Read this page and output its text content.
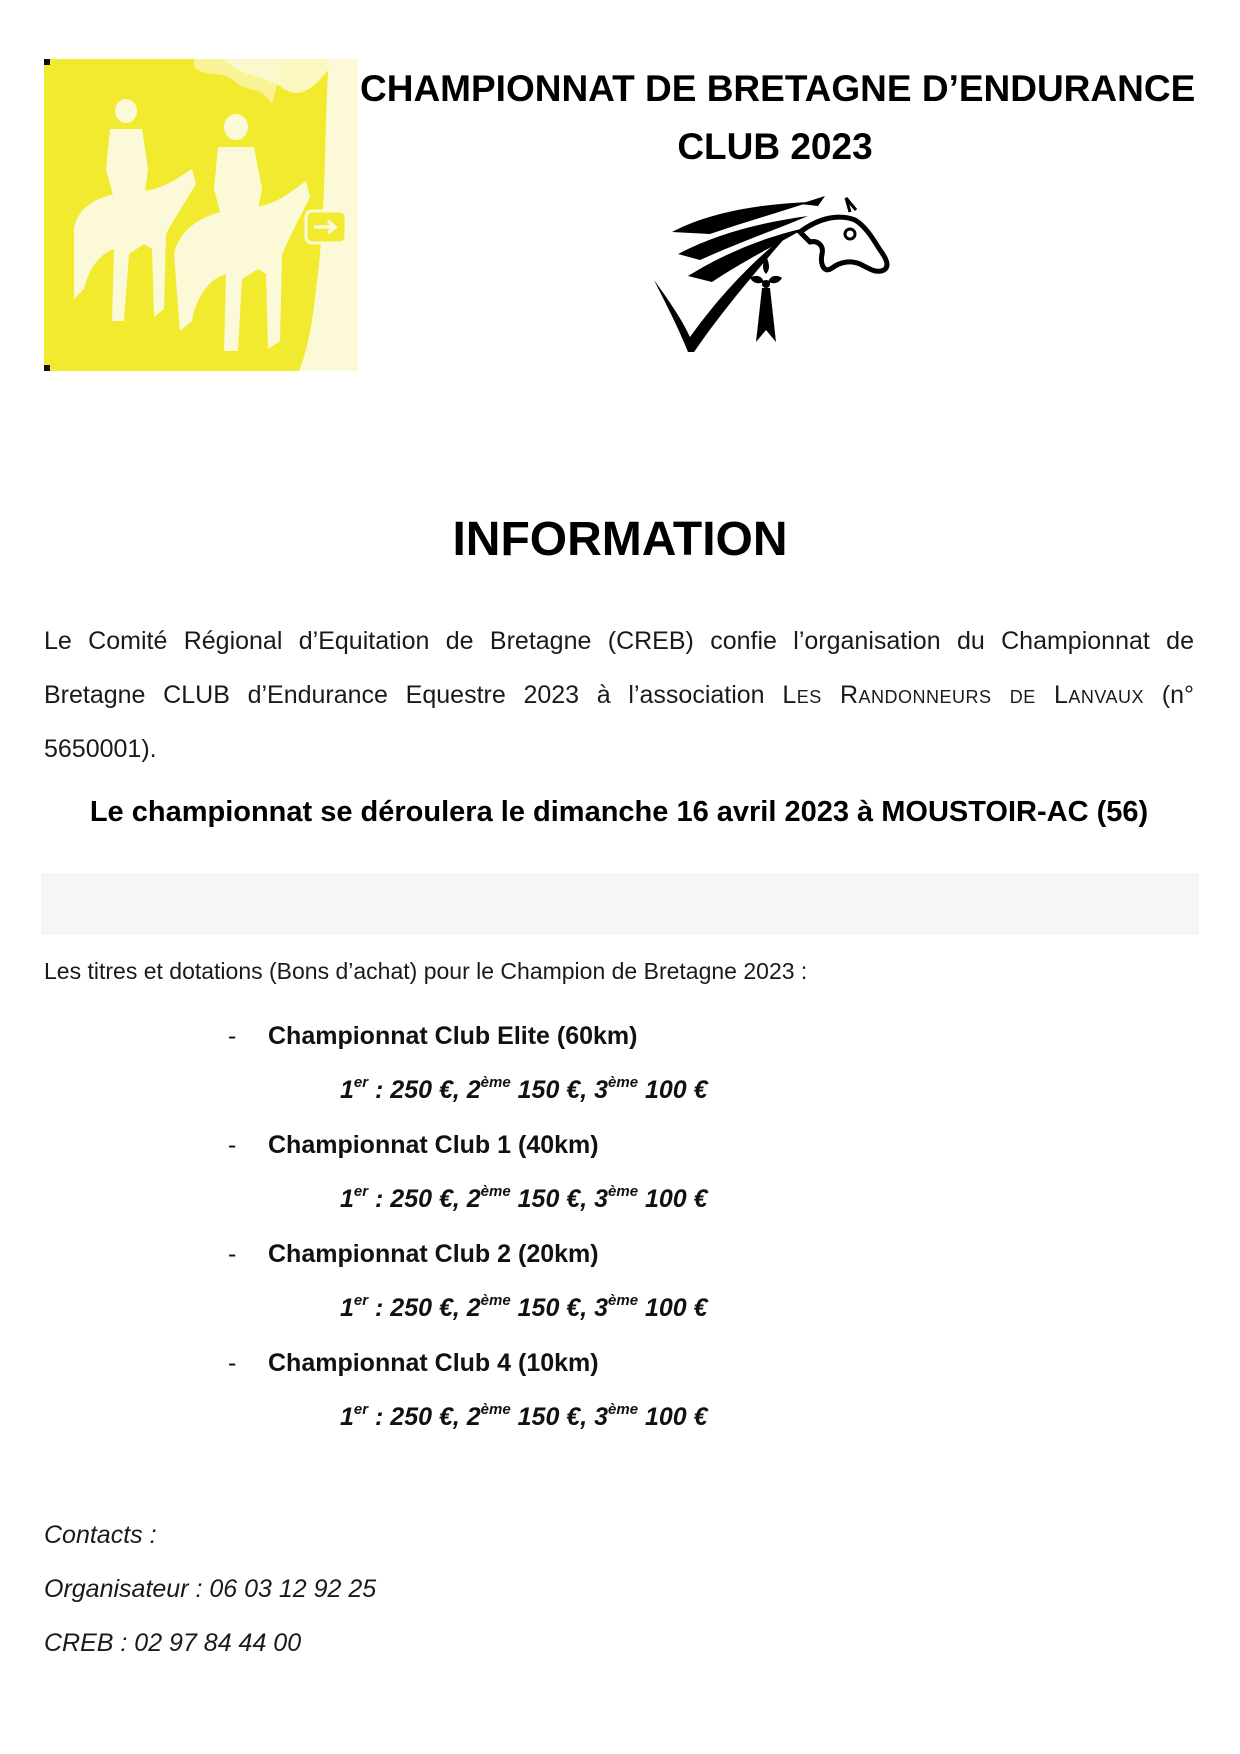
CHAMPIONNAT DE BRETAGNE D’ENDURANCE
CLUB 2023
INFORMATION
Le Comité Régional d’Equitation de Bretagne (CREB) confie l’organisation du Championnat de Bretagne CLUB d’Endurance Equestre 2023 à l’association Les Randonneurs de Lanvaux (n° 5650001).
Le championnat se déroulera le dimanche 16 avril 2023 à MOUSTOIR-AC (56)
Les titres et dotations (Bons d’achat) pour le Champion de Bretagne 2023 :
- Championnat Club Elite (60km)
1er : 250 €, 2ème 150 €, 3ème 100 €
- Championnat Club 1 (40km)
1er : 250 €, 2ème 150 €, 3ème 100 €
- Championnat Club 2 (20km)
1er : 250 €, 2ème 150 €, 3ème 100 €
- Championnat Club 4 (10km)
1er : 250 €, 2ème 150 €, 3ème 100 €
Contacts :
Organisateur : 06 03 12 92 25
CREB : 02 97 84 44 00
